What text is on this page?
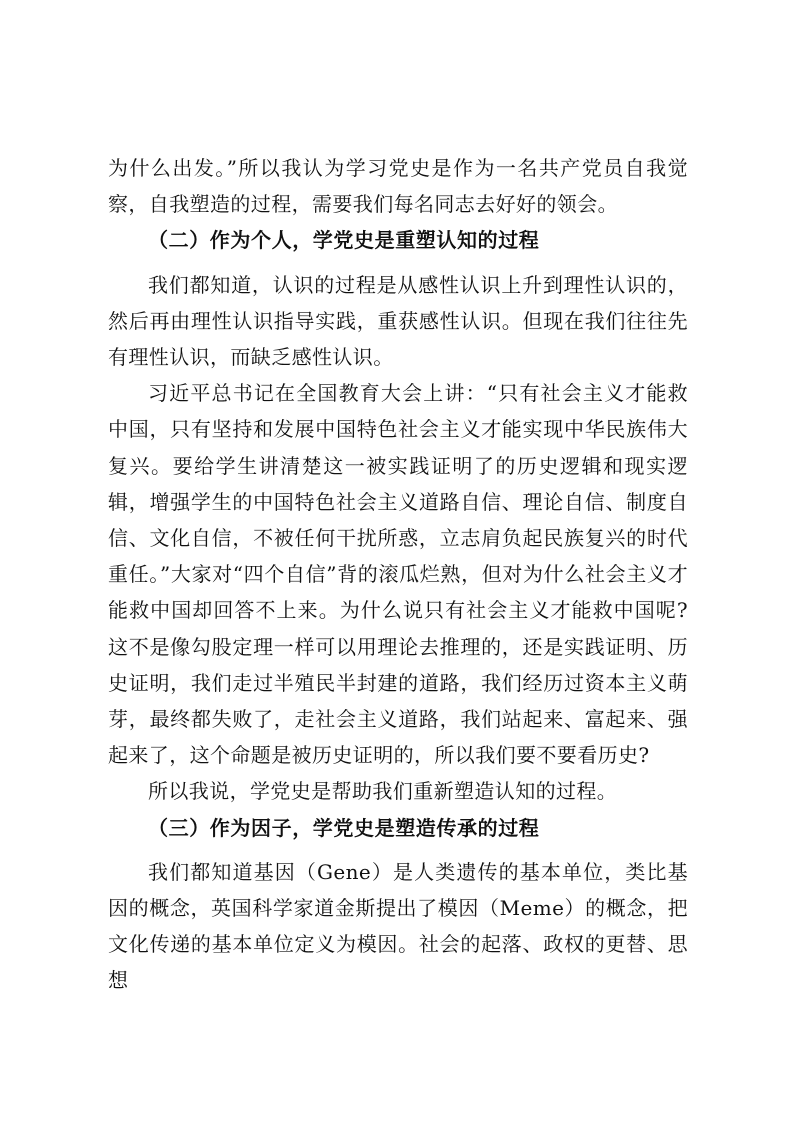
为什么出发。”所以我认为学习党史是作为一名共产党员自我觉察，自我塑造的过程，需要我们每名同志去好好的领会。

（二）作为个人，学党史是重塑认知的过程

我们都知道，认识的过程是从感性认识上升到理性认识的，然后再由理性认识指导实践，重获感性认识。但现在我们往往先有理性认识，而缺乏感性认识。

习近平总书记在全国教育大会上讲：“只有社会主义才能救中国，只有坚持和发展中国特色社会主义才能实现中华民族伟大复兴。要给学生讲清楚这一被实践证明了的历史逻辑和现实逻辑，增强学生的中国特色社会主义道路自信、理论自信、制度自信、文化自信，不被任何干扰所惑，立志肩负起民族复兴的时代重任。”大家对“四个自信”背的滚瓜烂熟，但对为什么社会主义才能救中国却回答不上来。为什么说只有社会主义才能救中国呢?这不是像勾股定理一样可以用理论去推理的，还是实践证明、历史证明，我们走过半殖民半封建的道路，我们经历过资本主义萌芽，最终都失败了，走社会主义道路，我们站起来、富起来、强起来了，这个命题是被历史证明的，所以我们要不要看历史?

所以我说，学党史是帮助我们重新塑造认知的过程。

（三）作为因子，学党史是塑造传承的过程

我们都知道基因（Gene）是人类遗传的基本单位，类比基因的概念，英国科学家道金斯提出了模因（Meme）的概念，把文化传递的基本单位定义为模因。社会的起落、政权的更替、思想
